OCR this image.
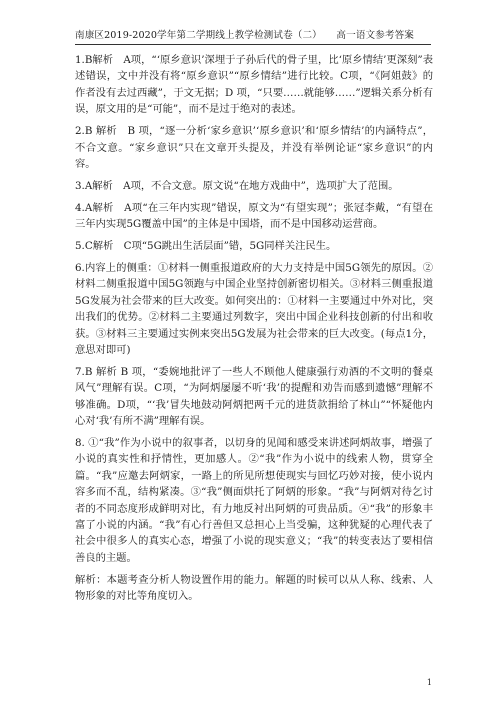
南康区2019-2020学年第二学期线上教学检测试卷（二）　　高一语文参考答案

1.B解析　A项，“‘原乡意识’深埋于子孙后代的骨子里，比‘原乡情结’更深刻”表述错误，文中并没有将“原乡意识”“原乡情结”进行比较。C项，“《阿姐鼓》的作者没有去过西藏”，于文无据；D 项，“只要……就能够……”逻辑关系分析有误，原文用的是“可能”，而不是过于绝对的表述。

2.B 解析　B 项，“逐一分析‘家乡意识’‘原乡意识’和‘原乡情结’的内涵特点”，不合文意。“家乡意识”只在文章开头提及，并没有举例论证“家乡意识”的内容。

3.A解析　A项，不合文意。原文说“在地方戏曲中”，选项扩大了范围。

4.A解析　A项“在三年内实现”错误，原文为“有望实现”；张冠李戴，“有望在三年内实现5G覆盖中国”的主体是中国塔，而不是中国移动运营商。

5.C解析　C项“5G跳出生活层面”错，5G同样关注民生。

6.内容上的侧重：①材料一侧重报道政府的大力支持是中国5G领先的原因。②材料二侧重报道中国5G领跑与中国企业坚持创新密切相关。③材料三侧重报道5G发展为社会带来的巨大改变。如何突出的：①材料一主要通过中外对比，突出我们的优势。②材料二主要通过列数字，突出中国企业科技创新的付出和收获。③材料三主要通过实例来突出5G发展为社会带来的巨大改变。(每点1分，意思对即可)

7.B 解析 B 项，“委婉地批评了一些人不顾他人健康强行劝酒的不文明的餐桌风气”理解有误。C项，“为阿炳屡屡不听‘我’的提醒和劝告而感到遗憾”理解不够准确。D项，“‘我’冒失地鼓动阿炳把两千元的进货款捐给了林山”“怀疑他内心对‘我’有所不满”理解有误。

8. ①“我”作为小说中的叙事者，以切身的见闻和感受来讲述阿炳故事，增强了小说的真实性和抒情性，更加感人。②“我”作为小说中的线索人物，贯穿全篇。“我”应邀去阿炳家，一路上的所见所想使现实与回忆巧妙对接，使小说内容多而不乱，结构紧凑。③“我”侧面烘托了阿炳的形象。“我”与阿炳对待乞讨者的不同态度形成鲜明对比，有力地反衬出阿炳的可贵品质。④“我”的形象丰富了小说的内涵。“我”有心行善但又总担心上当受骗，这种犹疑的心理代表了社会中很多人的真实心态，增强了小说的现实意义；“我”的转变表达了要相信善良的主题。

解析：本题考查分析人物设置作用的能力。解题的时候可以从人称、线索、人物形象的对比等角度切入。

1
